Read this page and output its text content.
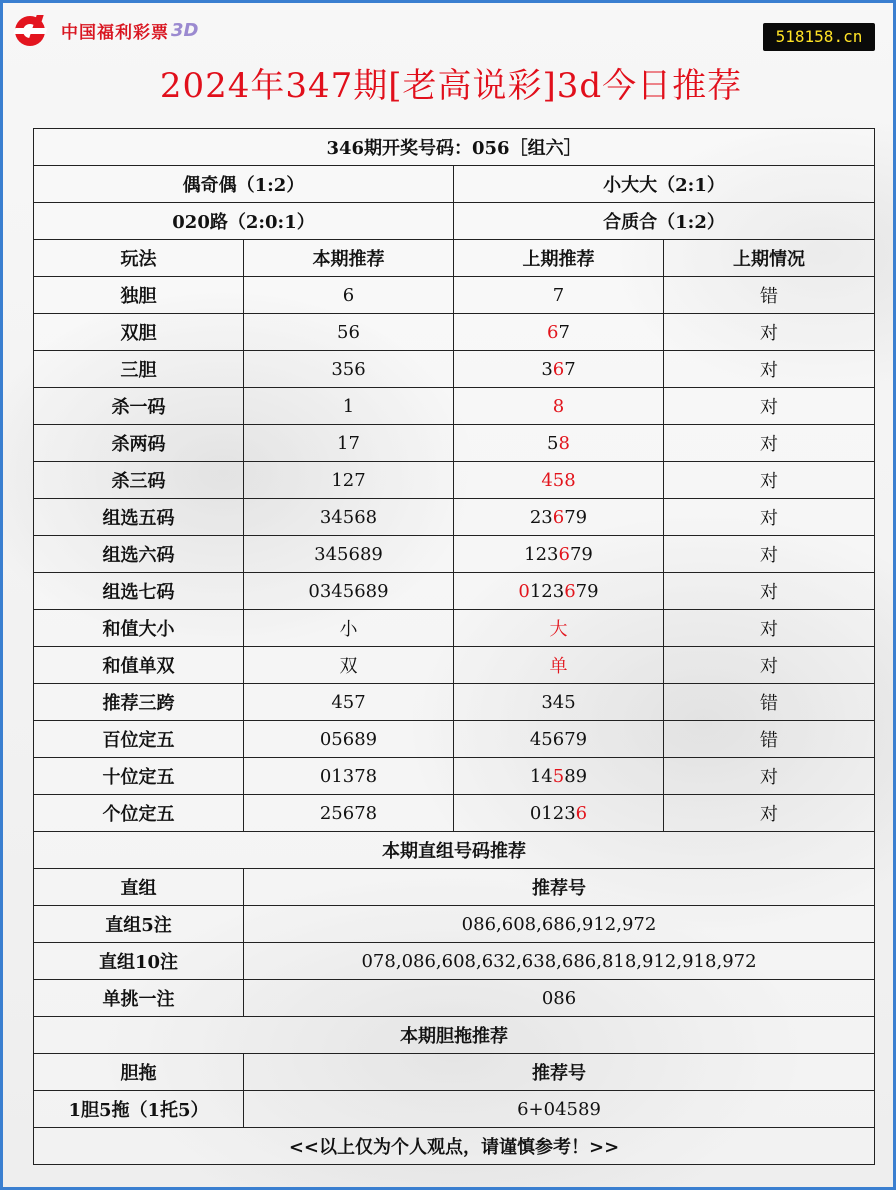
中国福利彩票 3D	518158.cn
2024年347期[老高说彩]3d今日推荐
346期开奖号码：056［组六］			
偶奇偶（1:2）		小大大（2:1）	
020路（2:0:1）		合质合（1:2）	
玩法	本期推荐	上期推荐	上期情况
独胆	6	7	错
双胆	56	67	对
三胆	356	367	对
杀一码	1	8	对
杀两码	17	58	对
杀三码	127	458	对
组选五码	34568	23679	对
组选六码	345689	123679	对
组选七码	0345689	0123679	对
和值大小	小	大	对
和值单双	双	单	对
推荐三跨	457	345	错
百位定五	05689	45679	错
十位定五	01378	14589	对
个位定五	25678	01236	对
本期直组号码推荐			
直组	推荐号		
直组5注	086,608,686,912,972		
直组10注	078,086,608,632,638,686,818,912,918,972		
单挑一注	086		
本期胆拖推荐			
胆拖	推荐号		
1胆5拖（1托5）	6+04589		
<<以上仅为个人观点，请谨慎参考！>>			
